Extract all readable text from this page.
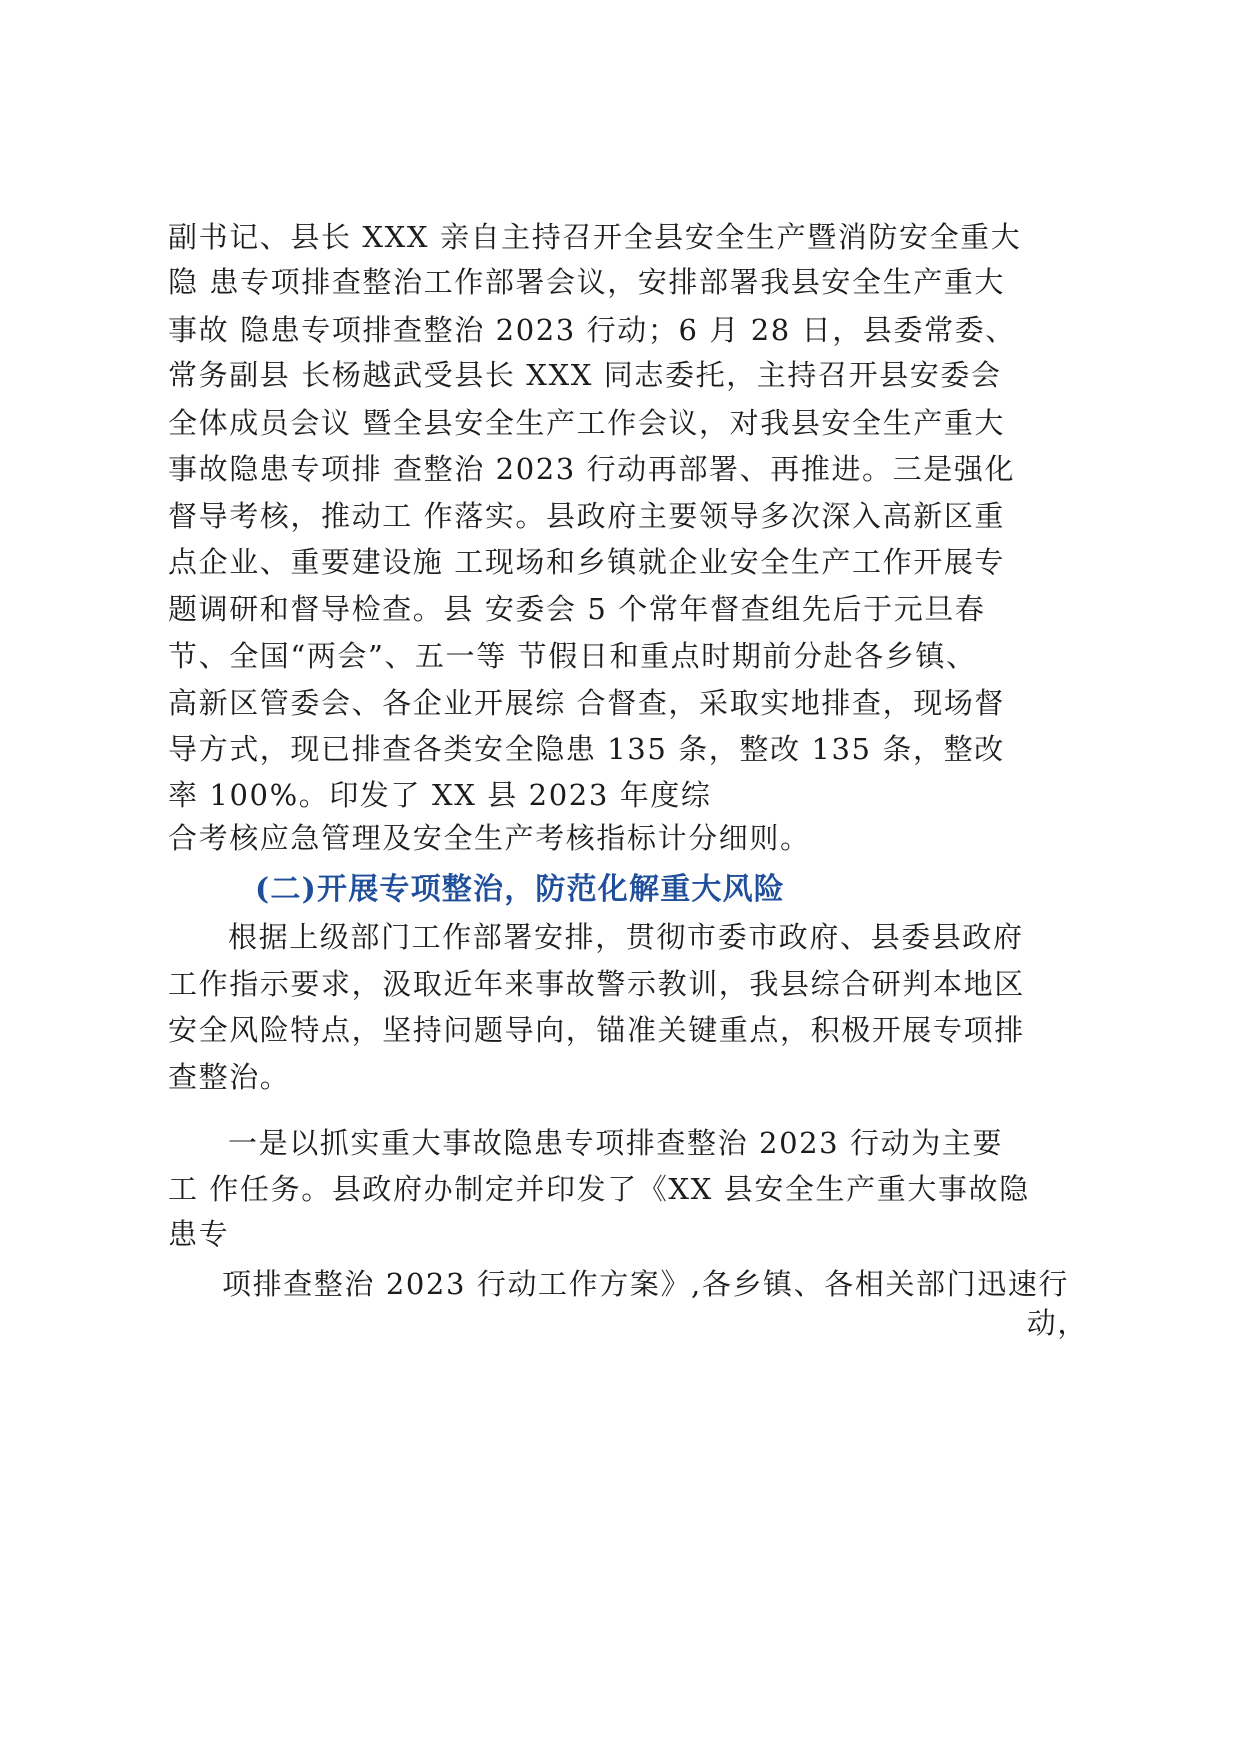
副书记、县长 XXX 亲自主持召开全县安全生产暨消防安全重大
隐 患专项排查整治工作部署会议，安排部署我县安全生产重大
事故 隐患专项排查整治 2023 行动；6 月 28 日，县委常委、
常务副县 长杨越武受县长 XXX 同志委托，主持召开县安委会
全体成员会议 暨全县安全生产工作会议，对我县安全生产重大
事故隐患专项排 查整治 2023 行动再部署、再推进。三是强化
督导考核，推动工 作落实。县政府主要领导多次深入高新区重
点企业、重要建设施 工现场和乡镇就企业安全生产工作开展专
题调研和督导检查。县 安委会 5 个常年督查组先后于元旦春
节、全国“两会”、五一等 节假日和重点时期前分赴各乡镇、
高新区管委会、各企业开展综 合督查，采取实地排查，现场督
导方式，现已排查各类安全隐患 135 条，整改 135 条，整改
率 100%。印发了 XX 县 2023 年度综
合考核应急管理及安全生产考核指标计分细则。
(二)开展专项整治，防范化解重大风险
根据上级部门工作部署安排，贯彻市委市政府、县委县政府
工作指示要求，汲取近年来事故警示教训，我县综合研判本地区
安全风险特点，坚持问题导向，锚准关键重点，积极开展专项排
查整治。
一是以抓实重大事故隐患专项排查整治 2023 行动为主要
工 作任务。县政府办制定并印发了《XX 县安全生产重大事故隐
患专
项排查整治 2023 行动工作方案》,各乡镇、各相关部门迅速行
动，
